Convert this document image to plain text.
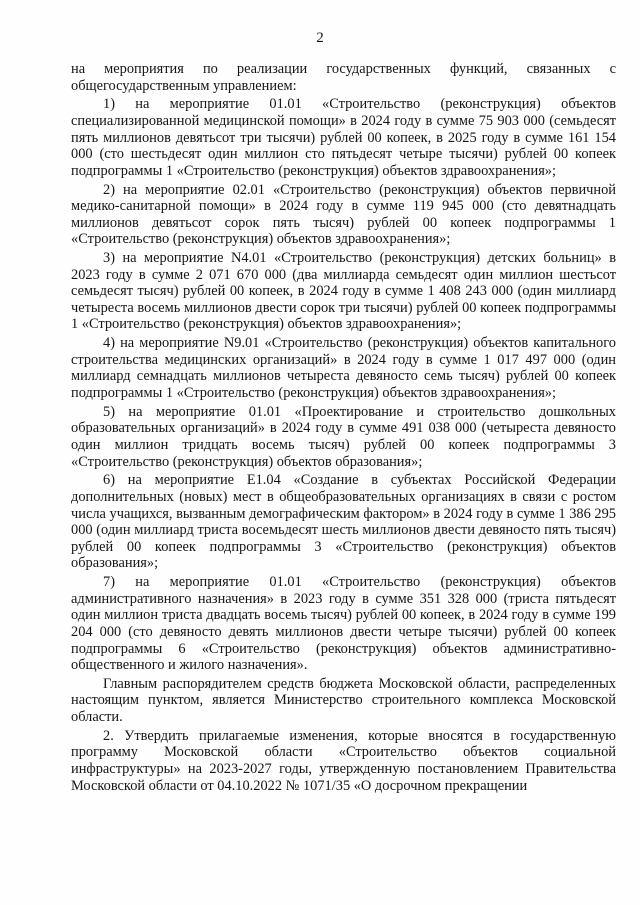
2

на мероприятия по реализации государственных функций, связанных с общегосударственным управлением:

1) на мероприятие 01.01 «Строительство (реконструкция) объектов специализированной медицинской помощи» в 2024 году в сумме 75 903 000 (семьдесят пять миллионов девятьсот три тысячи) рублей 00 копеек, в 2025 году в сумме 161 154 000 (сто шестьдесят один миллион сто пятьдесят четыре тысячи) рублей 00 копеек подпрограммы 1 «Строительство (реконструкция) объектов здравоохранения»;

2) на мероприятие 02.01 «Строительство (реконструкция) объектов первичной медико-санитарной помощи» в 2024 году в сумме 119 945 000 (сто девятнадцать миллионов девятьсот сорок пять тысяч) рублей 00 копеек подпрограммы 1 «Строительство (реконструкция) объектов здравоохранения»;

3) на мероприятие N4.01 «Строительство (реконструкция) детских больниц» в 2023 году в сумме 2 071 670 000 (два миллиарда семьдесят один миллион шестьсот семьдесят тысяч) рублей 00 копеек, в 2024 году в сумме 1 408 243 000 (один миллиард четыреста восемь миллионов двести сорок три тысячи) рублей 00 копеек подпрограммы 1 «Строительство (реконструкция) объектов здравоохранения»;

4) на мероприятие N9.01 «Строительство (реконструкция) объектов капитального строительства медицинских организаций» в 2024 году в сумме 1 017 497 000 (один миллиард семнадцать миллионов четыреста девяносто семь тысяч) рублей 00 копеек подпрограммы 1 «Строительство (реконструкция) объектов здравоохранения»;

5) на мероприятие 01.01 «Проектирование и строительство дошкольных образовательных организаций» в 2024 году в сумме 491 038 000 (четыреста девяносто один миллион тридцать восемь тысяч) рублей 00 копеек подпрограммы 3 «Строительство (реконструкция) объектов образования»;

6) на мероприятие Е1.04 «Создание в субъектах Российской Федерации дополнительных (новых) мест в общеобразовательных организациях в связи с ростом числа учащихся, вызванным демографическим фактором» в 2024 году в сумме 1 386 295 000 (один миллиард триста восемьдесят шесть миллионов двести девяносто пять тысяч) рублей 00 копеек подпрограммы 3 «Строительство (реконструкция) объектов образования»;

7) на мероприятие 01.01 «Строительство (реконструкция) объектов административного назначения» в 2023 году в сумме 351 328 000 (триста пятьдесят один миллион триста двадцать восемь тысяч) рублей 00 копеек, в 2024 году в сумме 199 204 000 (сто девяносто девять миллионов двести четыре тысячи) рублей 00 копеек подпрограммы 6 «Строительство (реконструкция) объектов административно-общественного и жилого назначения».

Главным распорядителем средств бюджета Московской области, распределенных настоящим пунктом, является Министерство строительного комплекса Московской области.

2. Утвердить прилагаемые изменения, которые вносятся в государственную программу Московской области «Строительство объектов социальной инфраструктуры» на 2023-2027 годы, утвержденную постановлением Правительства Московской области от 04.10.2022 № 1071/35 «О досрочном прекращении
